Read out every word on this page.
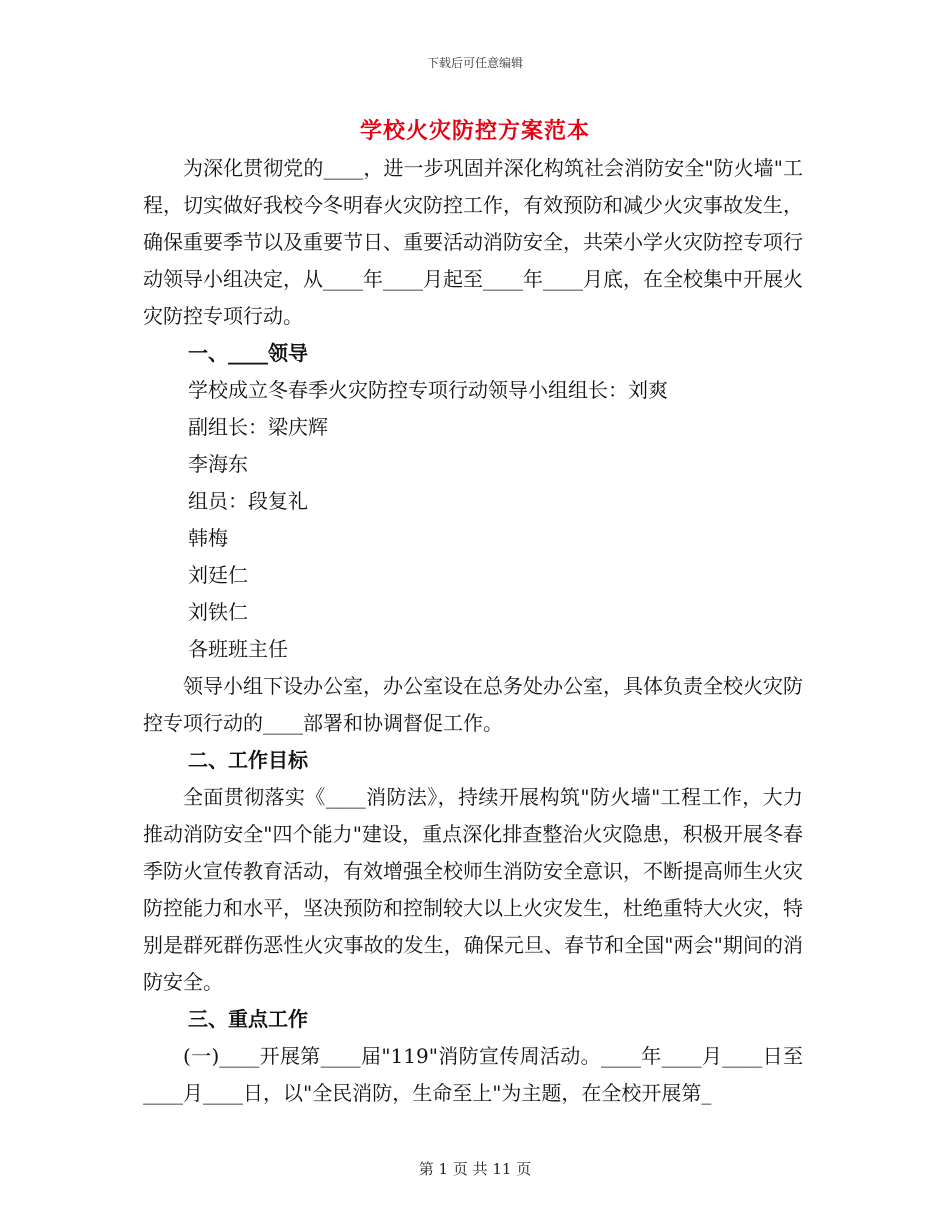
下载后可任意编辑
学校火灾防控方案范本

为深化贯彻党的____，进一步巩固并深化构筑社会消防安全"防火墙"工程，切实做好我校今冬明春火灾防控工作，有效预防和减少火灾事故发生，确保重要季节以及重要节日、重要活动消防安全，共荣小学火灾防控专项行动领导小组决定，从____年____月起至____年____月底，在全校集中开展火灾防控专项行动。

一、____领导

学校成立冬春季火灾防控专项行动领导小组组长：刘爽

副组长：梁庆辉

李海东

组员：段复礼

韩梅

刘廷仁

刘铁仁

各班班主任

领导小组下设办公室，办公室设在总务处办公室，具体负责全校火灾防控专项行动的____部署和协调督促工作。

二、工作目标

全面贯彻落实《____消防法》，持续开展构筑"防火墙"工程工作，大力推动消防安全"四个能力"建设，重点深化排查整治火灾隐患，积极开展冬春季防火宣传教育活动，有效增强全校师生消防安全意识，不断提高师生火灾防控能力和水平，坚决预防和控制较大以上火灾发生，杜绝重特大火灾，特别是群死群伤恶性火灾事故的发生，确保元旦、春节和全国"两会"期间的消防安全。

三、重点工作

(一)____开展第____届"119"消防宣传周活动。____年____月____日至____月____日，以"全民消防，生命至上"为主题，在全校开展第_

第 1 页 共 11 页
